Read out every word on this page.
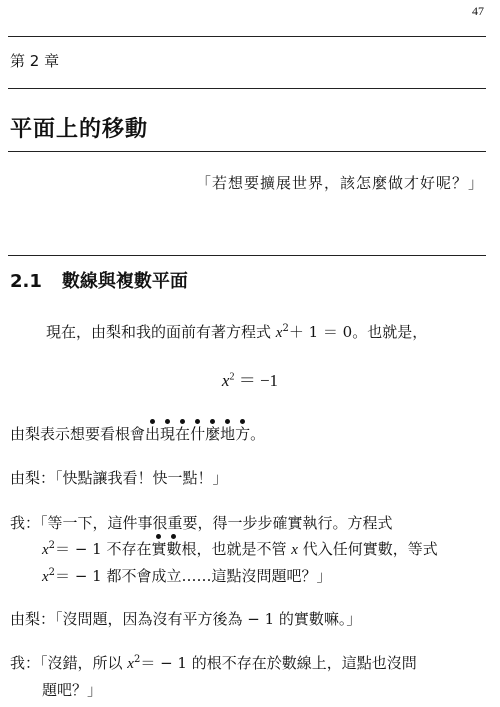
47
第 2 章
平面上的移動
「若想要擴展世界，該怎麼做才好呢？」
2.1 數線與複數平面
現在，由梨和我的面前有著方程式 $x^2+ 1 = 0$。也就是，
$x^2 = -1$
由梨表示想要看根會出現在什麼地方。
由梨：「快點讓我看！快一點！」
我：「等一下，這件事很重要，得一步步確實執行。方程式
$x^2= - 1$ 不存在實數根，也就是不管 x 代入任何實數，等式
$x^2= - 1$ 都不會成立……這點沒問題吧？」
由梨：「沒問題，因為沒有平方後為 − 1 的實數嘛。」
我：「沒錯，所以 $x^2= - 1$ 的根不存在於數線上，這點也沒問
題吧？」
